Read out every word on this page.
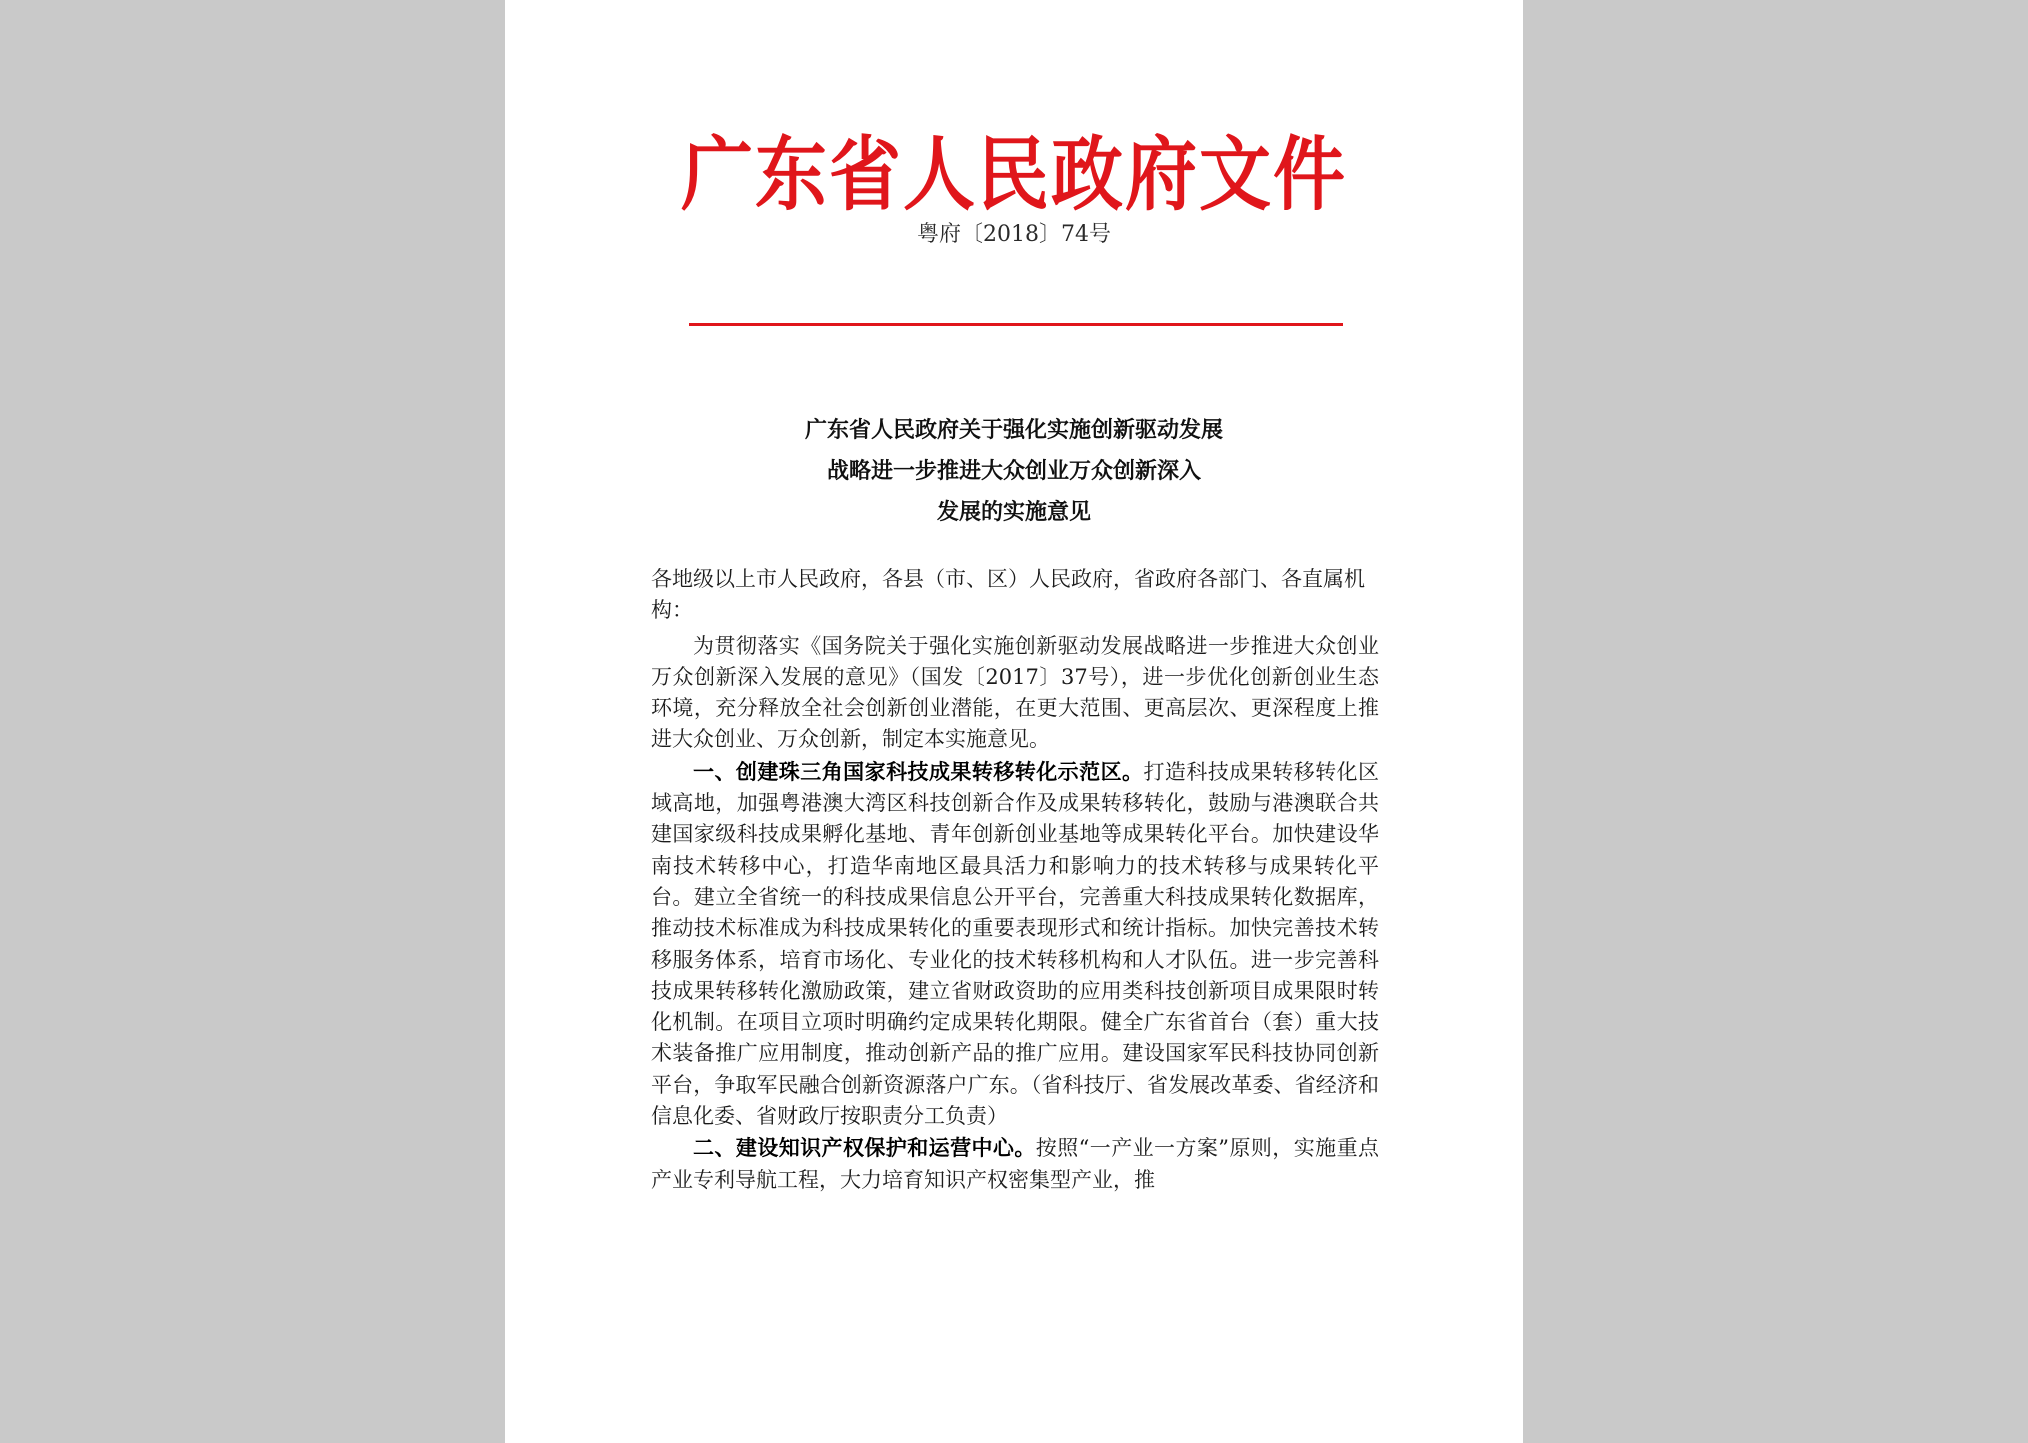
广东省人民政府文件
粤府〔2018〕74号
广东省人民政府关于强化实施创新驱动发展
战略进一步推进大众创业万众创新深入
发展的实施意见

各地级以上市人民政府，各县（市、区）人民政府，省政府各部门、各直属机构：

为贯彻落实《国务院关于强化实施创新驱动发展战略进一步推进大众创业万众创新深入发展的意见》（国发〔2017〕37号），进一步优化创新创业生态环境，充分释放全社会创新创业潜能，在更大范围、更高层次、更深程度上推进大众创业、万众创新，制定本实施意见。

一、创建珠三角国家科技成果转移转化示范区。打造科技成果转移转化区域高地，加强粤港澳大湾区科技创新合作及成果转移转化，鼓励与港澳联合共建国家级科技成果孵化基地、青年创新创业基地等成果转化平台。加快建设华南技术转移中心，打造华南地区最具活力和影响力的技术转移与成果转化平台。建立全省统一的科技成果信息公开平台，完善重大科技成果转化数据库，推动技术标准成为科技成果转化的重要表现形式和统计指标。加快完善技术转移服务体系，培育市场化、专业化的技术转移机构和人才队伍。进一步完善科技成果转移转化激励政策，建立省财政资助的应用类科技创新项目成果限时转化机制。在项目立项时明确约定成果转化期限。健全广东省首台（套）重大技术装备推广应用制度，推动创新产品的推广应用。建设国家军民科技协同创新平台，争取军民融合创新资源落户广东。（省科技厅、省发展改革委、省经济和信息化委、省财政厅按职责分工负责）

二、建设知识产权保护和运营中心。按照“一产业一方案”原则，实施重点产业专利导航工程，大力培育知识产权密集型产业，推
